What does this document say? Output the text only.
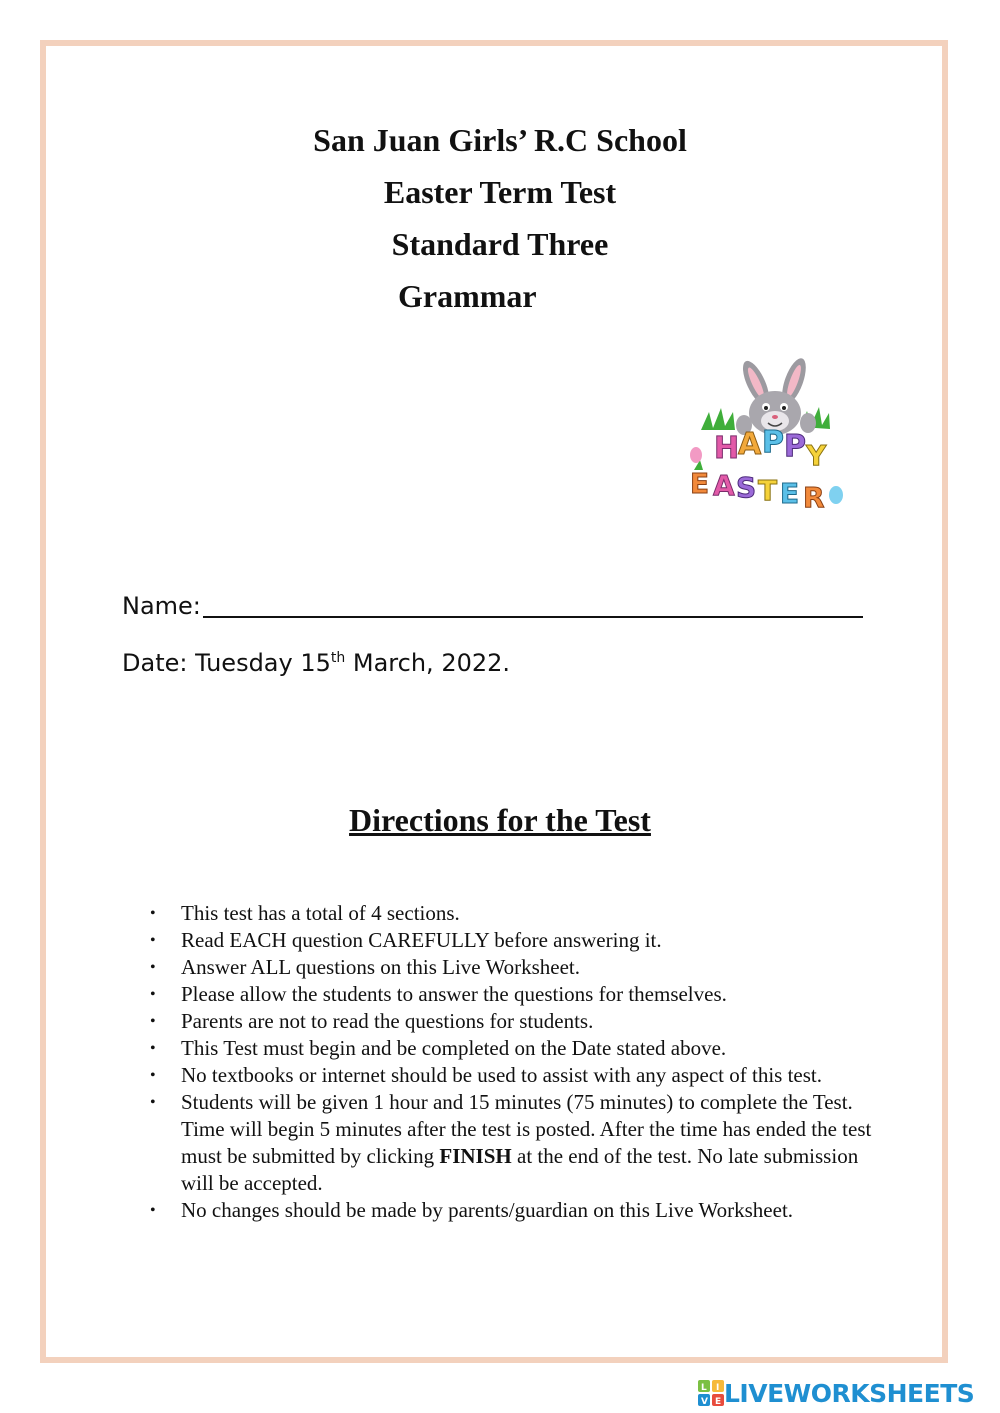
San Juan Girls’ R.C School
Easter Term Test
Standard Three
Grammar
H
A P P Y
E A S T E R
Name:
Date: Tuesday 15th March, 2022.
Directions for the Test
• This test has a total of 4 sections.
• Read EACH question CAREFULLY before answering it.
• Answer ALL questions on this Live Worksheet.
• Please allow the students to answer the questions for themselves.
• Parents are not to read the questions for students.
• This Test must begin and be completed on the Date stated above.
• No textbooks or internet should be used to assist with any aspect of this test.
• Students will be given 1 hour and 15 minutes (75 minutes) to complete the Test. Time will begin 5 minutes after the test is posted. After the time has ended the test must be submitted by clicking FINISH at the end of the test. No late submission will be accepted.
• No changes should be made by parents/guardian on this Live Worksheet.
L I
V E LIVEWORKSHEETS
